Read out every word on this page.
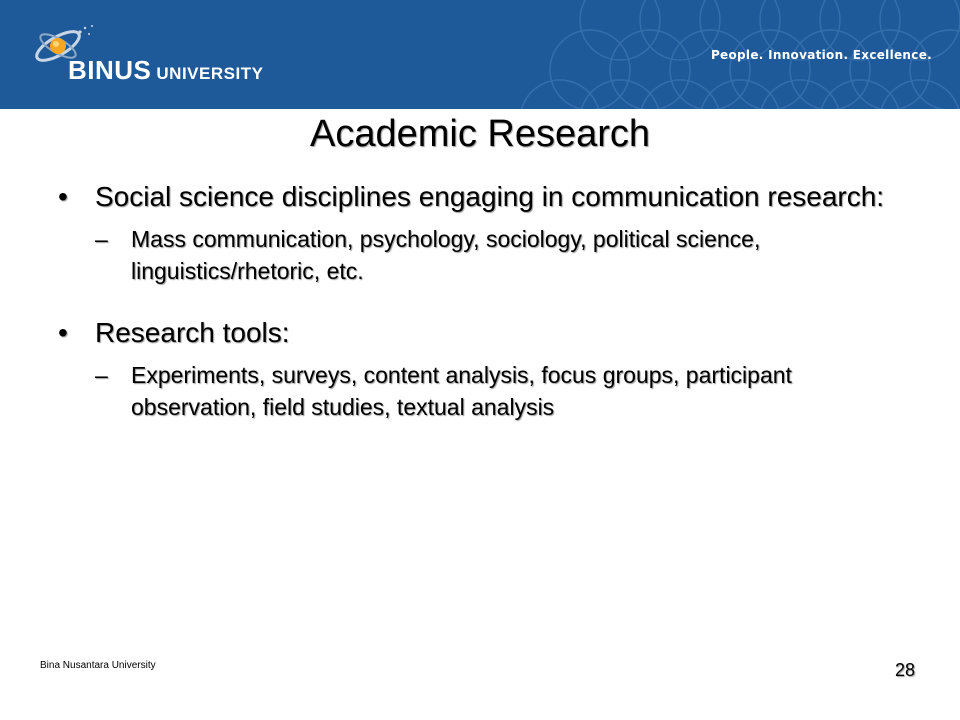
BINUS UNIVERSITY
People. Innovation. Excellence.
Academic Research
• Social science disciplines engaging in communication research:
– Mass communication, psychology, sociology, political science, linguistics/rhetoric, etc.
• Research tools:
– Experiments, surveys, content analysis, focus groups, participant observation, field studies, textual analysis
Bina Nusantara University	28
